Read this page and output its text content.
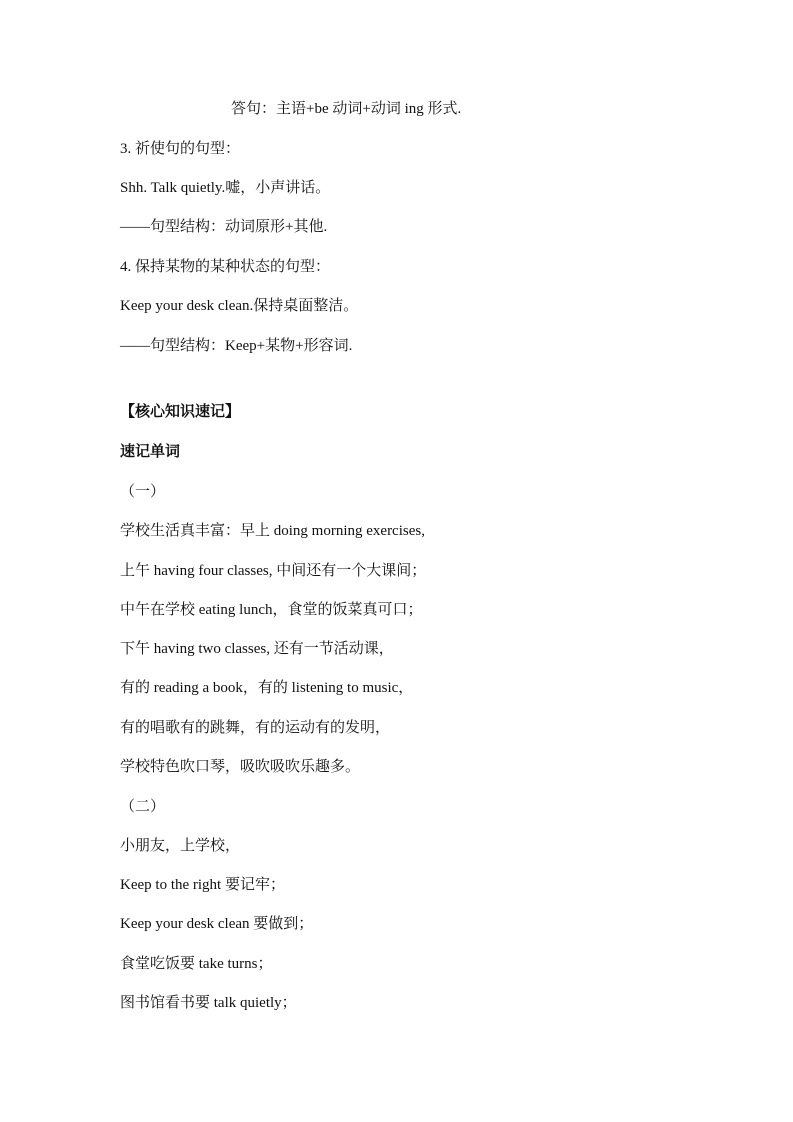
答句：主语+be 动词+动词 ing 形式.
3. 祈使句的句型：
Shh. Talk quietly.嘘，小声讲话。
——句型结构：动词原形+其他.
4. 保持某物的某种状态的句型：
Keep your desk clean.保持桌面整洁。
——句型结构：Keep+某物+形容词.
【核心知识速记】
速记单词
（一）
学校生活真丰富：早上 doing morning exercises,
上午 having four classes, 中间还有一个大课间；
中午在学校 eating lunch，食堂的饭菜真可口；
下午 having two classes, 还有一节活动课，
有的 reading a book，有的 listening to music，
有的唱歌有的跳舞，有的运动有的发明，
学校特色吹口琴，吸吹吸吹乐趣多。
（二）
小朋友，上学校，
Keep to the right 要记牢；
Keep your desk clean 要做到；
食堂吃饭要 take turns；
图书馆看书要 talk quietly；
